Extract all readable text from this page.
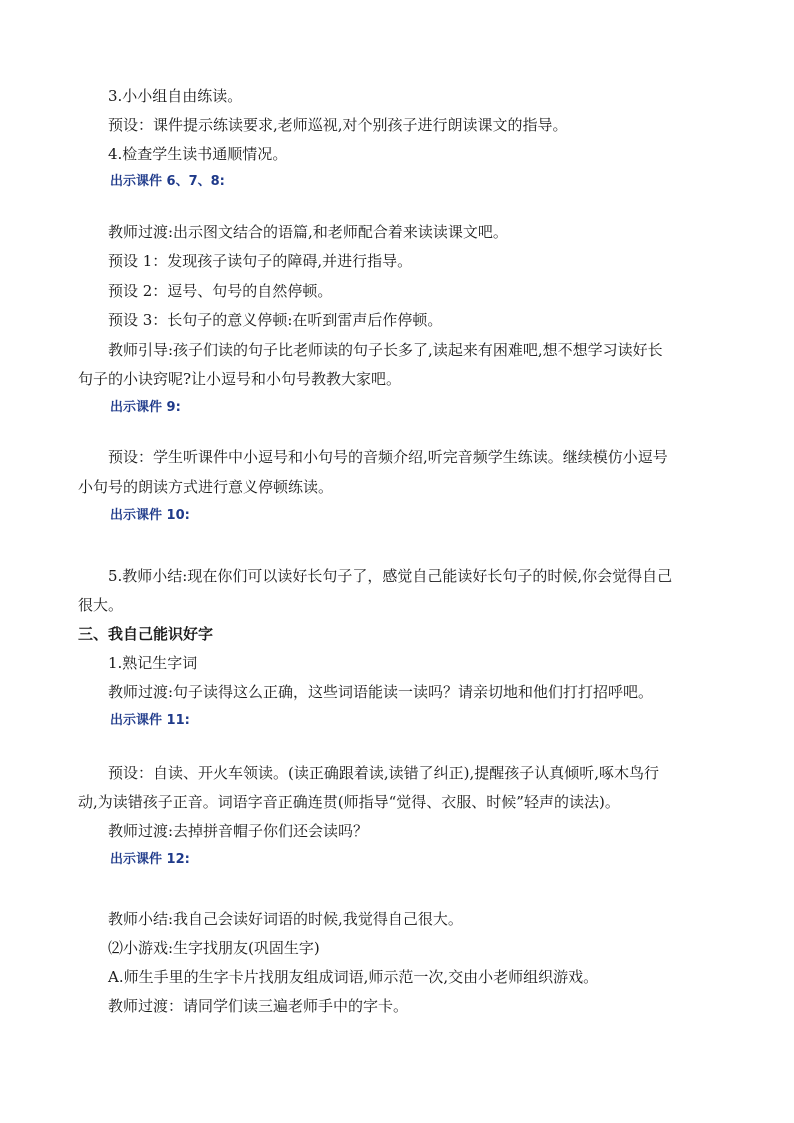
3.小小组自由练读。
预设：课件提示练读要求,老师巡视,对个别孩子进行朗读课文的指导。
4.检查学生读书通顺情况。
出示课件 6、7、8:
教师过渡:出示图文结合的语篇,和老师配合着来读读课文吧。
预设 1：发现孩子读句子的障碍,并进行指导。
预设 2：逗号、句号的自然停顿。
预设 3：长句子的意义停顿:在听到雷声后作停顿。
教师引导:孩子们读的句子比老师读的句子长多了,读起来有困难吧,想不想学习读好长
句子的小诀窍呢?让小逗号和小句号教教大家吧。
出示课件 9:
预设：学生听课件中小逗号和小句号的音频介绍,听完音频学生练读。继续模仿小逗号
小句号的朗读方式进行意义停顿练读。
出示课件 10:
5.教师小结:现在你们可以读好长句子了，感觉自己能读好长句子的时候,你会觉得自己
很大。
三、我自己能识好字
1.熟记生字词
教师过渡:句子读得这么正确，这些词语能读一读吗？请亲切地和他们打打招呼吧。
出示课件 11:
预设：自读、开火车领读。(读正确跟着读,读错了纠正),提醒孩子认真倾听,啄木鸟行
动,为读错孩子正音。词语字音正确连贯(师指导“觉得、衣服、时候”轻声的读法)。
教师过渡:去掉拼音帽子你们还会读吗？
出示课件 12:
教师小结:我自己会读好词语的时候,我觉得自己很大。
⑵小游戏:生字找朋友(巩固生字)
A.师生手里的生字卡片找朋友组成词语,师示范一次,交由小老师组织游戏。
教师过渡：请同学们读三遍老师手中的字卡。
